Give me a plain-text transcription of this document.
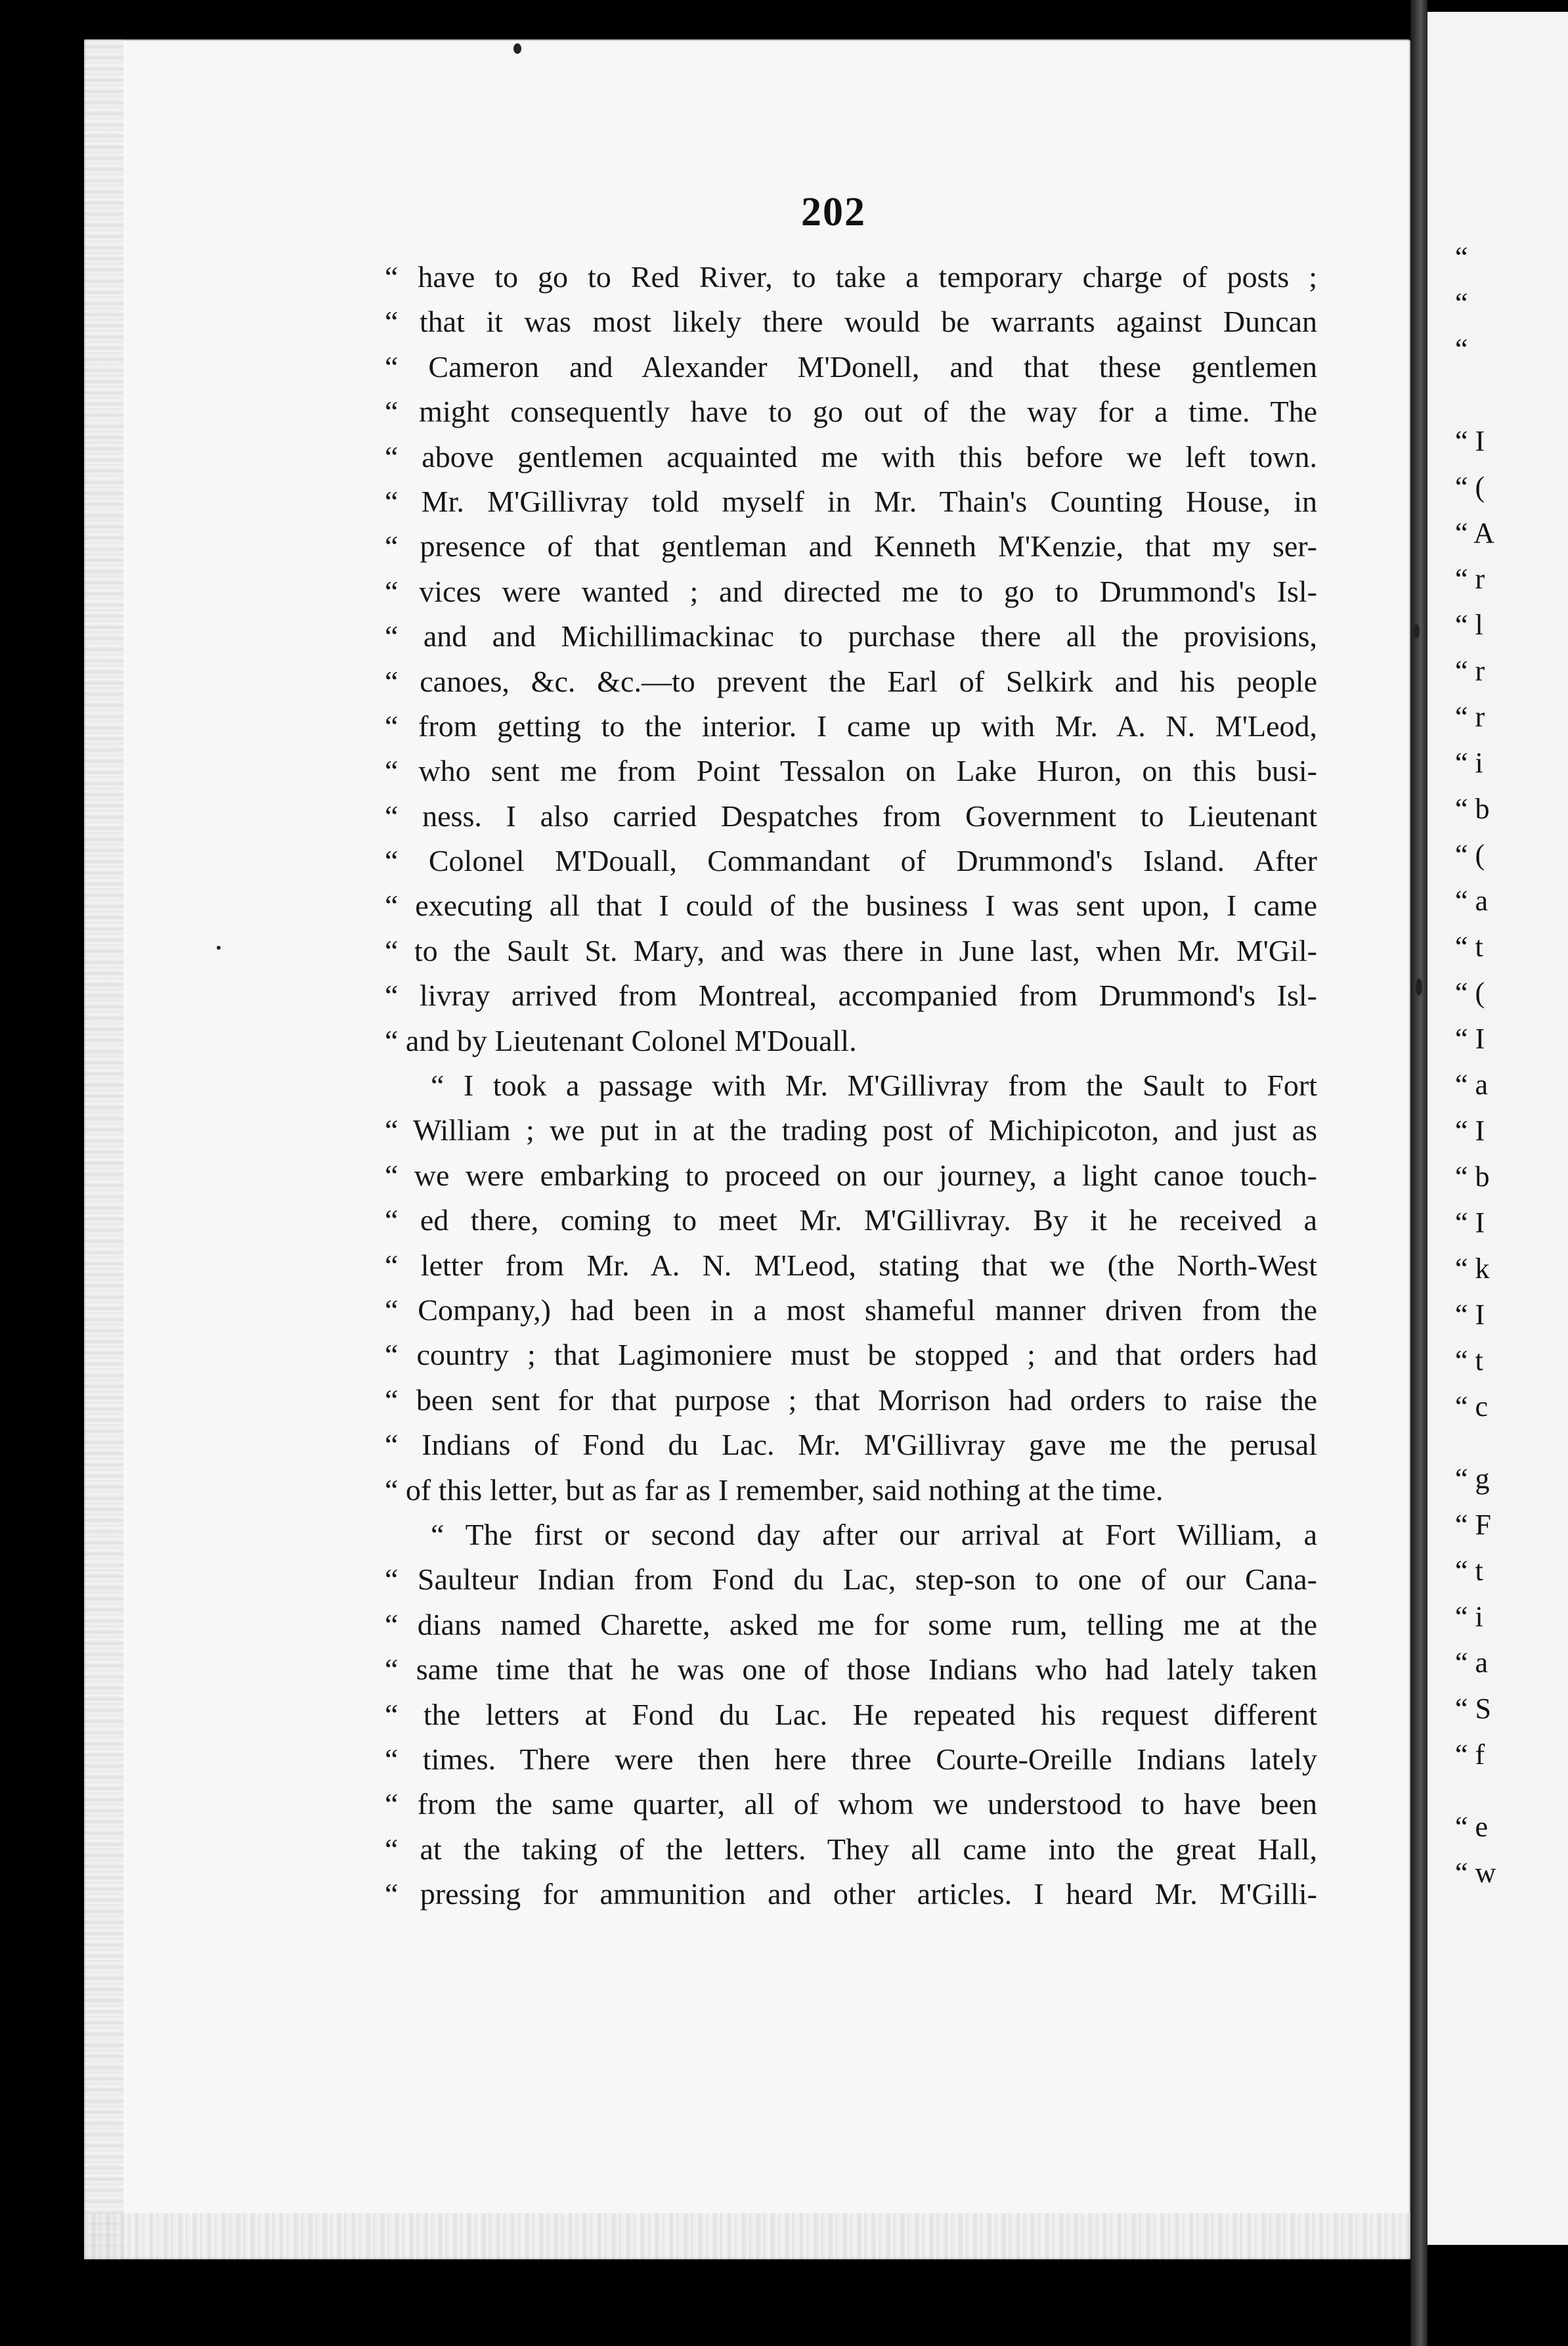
“
“
“
“ I
“ (
“ A
“ r
“ l
“ r
“ r
“ i
“ b
“ (
“ a
“ t
“ (
“ I
“ a
“ I
“ b
“ I
“ k
“ I
“ t
“ c
“ g
“ F
“ t
“ i
“ a
“ S
“ f
“ e
“ w
202
“ have to go to Red River, to take a temporary charge of posts ;
“ that it was most likely there would be warrants against Duncan
“ Cameron and Alexander M'Donell, and that these gentlemen
“ might consequently have to go out of the way for a time. The
“ above gentlemen acquainted me with this before we left town.
“ Mr. M'Gillivray told myself in Mr. Thain's Counting House, in
“ presence of that gentleman and Kenneth M'Kenzie, that my ser-
“ vices were wanted ; and directed me to go to Drummond's Isl-
“ and and Michillimackinac to purchase there all the provisions,
“ canoes, &c. &c.—to prevent the Earl of Selkirk and his people
“ from getting to the interior. I came up with Mr. A. N. M'Leod,
“ who sent me from Point Tessalon on Lake Huron, on this busi-
“ ness. I also carried Despatches from Government to Lieutenant
“ Colonel M'Douall, Commandant of Drummond's Island. After
“ executing all that I could of the business I was sent upon, I came
“ to the Sault St. Mary, and was there in June last, when Mr. M'Gil-
“ livray arrived from Montreal, accompanied from Drummond's Isl-
“ and by Lieutenant Colonel M'Douall.
“ I took a passage with Mr. M'Gillivray from the Sault to Fort
“ William ; we put in at the trading post of Michipicoton, and just as
“ we were embarking to proceed on our journey, a light canoe touch-
“ ed there, coming to meet Mr. M'Gillivray. By it he received a
“ letter from Mr. A. N. M'Leod, stating that we (the North-West
“ Company,) had been in a most shameful manner driven from the
“ country ; that Lagimoniere must be stopped ; and that orders had
“ been sent for that purpose ; that Morrison had orders to raise the
“ Indians of Fond du Lac. Mr. M'Gillivray gave me the perusal
“ of this letter, but as far as I remember, said nothing at the time.
“ The first or second day after our arrival at Fort William, a
“ Saulteur Indian from Fond du Lac, step-son to one of our Cana-
“ dians named Charette, asked me for some rum, telling me at the
“ same time that he was one of those Indians who had lately taken
“ the letters at Fond du Lac. He repeated his request different
“ times. There were then here three Courte-Oreille Indians lately
“ from the same quarter, all of whom we understood to have been
“ at the taking of the letters. They all came into the great Hall,
“ pressing for ammunition and other articles. I heard Mr. M'Gilli-
